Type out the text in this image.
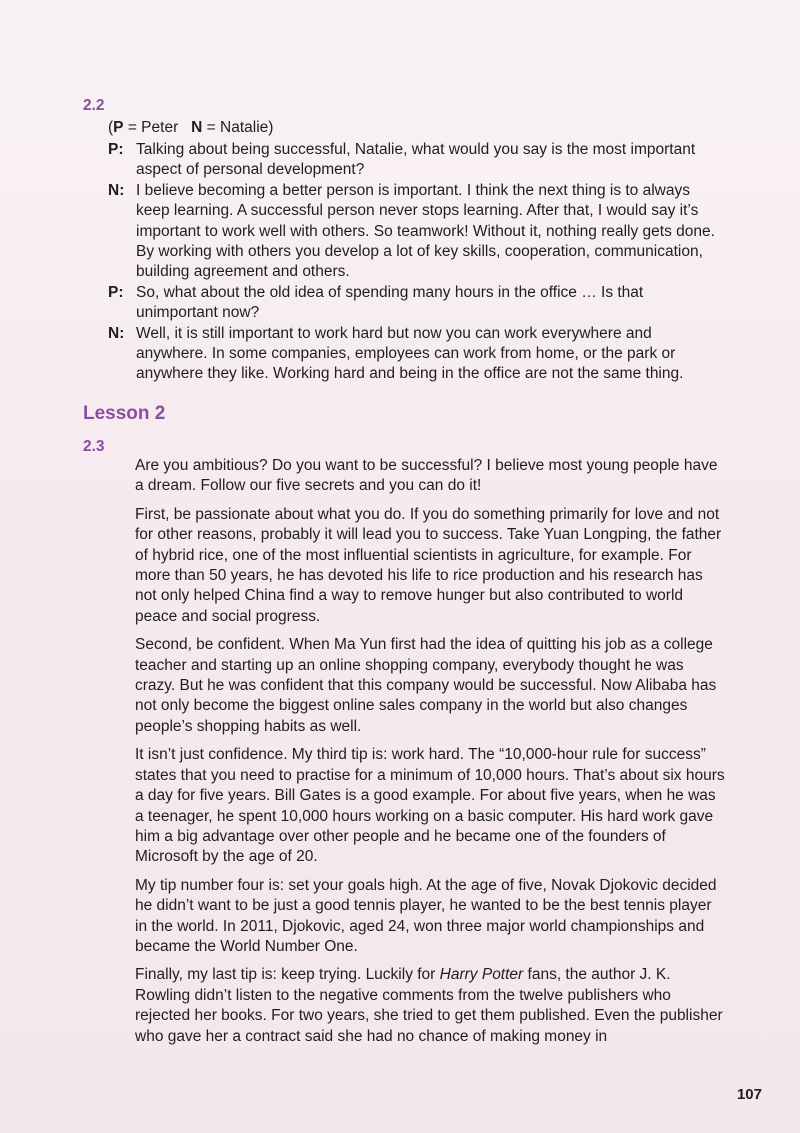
2.2
(P = Peter N = Natalie)
P: Talking about being successful, Natalie, what would you say is the most important aspect of personal development?
N: I believe becoming a better person is important. I think the next thing is to always keep learning. A successful person never stops learning. After that, I would say it’s important to work well with others. So teamwork! Without it, nothing really gets done. By working with others you develop a lot of key skills, cooperation, communication, building agreement and others.
P: So, what about the old idea of spending many hours in the office … Is that unimportant now?
N: Well, it is still important to work hard but now you can work everywhere and anywhere. In some companies, employees can work from home, or the park or anywhere they like. Working hard and being in the office are not the same thing.
Lesson 2
2.3

Are you ambitious? Do you want to be successful? I believe most young people have a dream. Follow our five secrets and you can do it!

First, be passionate about what you do. If you do something primarily for love and not for other reasons, probably it will lead you to success. Take Yuan Longping, the father of hybrid rice, one of the most influential scientists in agriculture, for example. For more than 50 years, he has devoted his life to rice production and his research has not only helped China find a way to remove hunger but also contributed to world peace and social progress.

Second, be confident. When Ma Yun first had the idea of quitting his job as a college teacher and starting up an online shopping company, everybody thought he was crazy. But he was confident that this company would be successful. Now Alibaba has not only become the biggest online sales company in the world but also changes people’s shopping habits as well.

It isn’t just confidence. My third tip is: work hard. The “10,000-hour rule for success” states that you need to practise for a minimum of 10,000 hours. That’s about six hours a day for five years. Bill Gates is a good example. For about five years, when he was a teenager, he spent 10,000 hours working on a basic computer. His hard work gave him a big advantage over other people and he became one of the founders of Microsoft by the age of 20.

My tip number four is: set your goals high. At the age of five, Novak Djokovic decided he didn’t want to be just a good tennis player, he wanted to be the best tennis player in the world. In 2011, Djokovic, aged 24, won three major world championships and became the World Number One.

Finally, my last tip is: keep trying. Luckily for Harry Potter fans, the author J. K. Rowling didn’t listen to the negative comments from the twelve publishers who rejected her books. For two years, she tried to get them published. Even the publisher who gave her a contract said she had no chance of making money in

107
